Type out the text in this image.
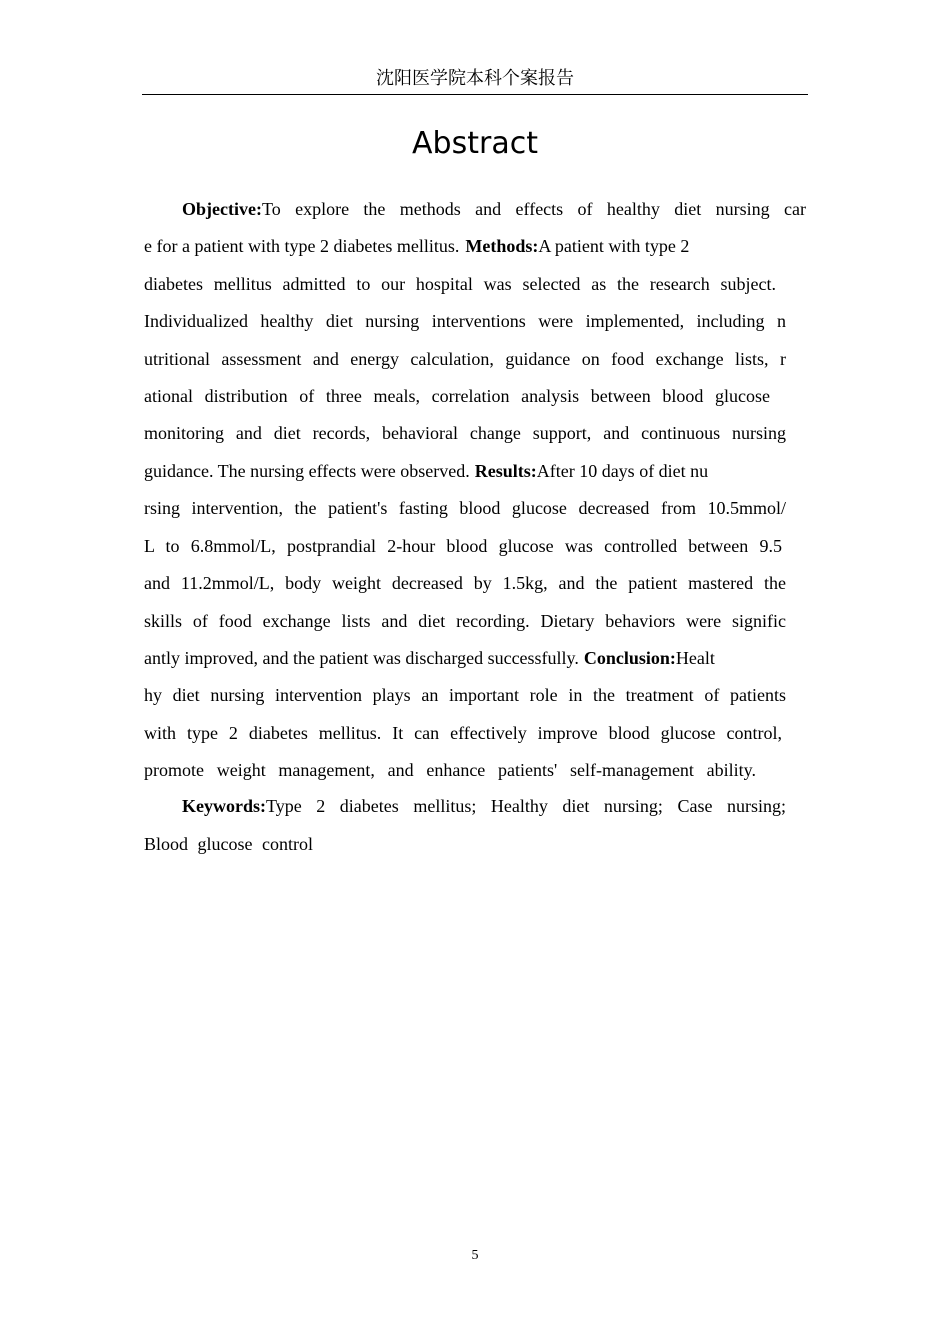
沈阳医学院本科个案报告
Abstract
Objective: To explore the methods and effects of healthy diet nursing car
e for a patient with type 2 diabetes mellitus. Methods: A patient with type 2
diabetes mellitus admitted to our hospital was selected as the research subject.
Individualized healthy diet nursing interventions were implemented, including n
utritional assessment and energy calculation, guidance on food exchange lists, r
ational distribution of three meals, correlation analysis between blood glucose
monitoring and diet records, behavioral change support, and continuous nursing
guidance. The nursing effects were observed. Results: After 10 days of diet nu
rsing intervention, the patient's fasting blood glucose decreased from 10.5mmol/
L to 6.8mmol/L, postprandial 2-hour blood glucose was controlled between 9.5
and 11.2mmol/L, body weight decreased by 1.5kg, and the patient mastered the
skills of food exchange lists and diet recording. Dietary behaviors were signific
antly improved, and the patient was discharged successfully. Conclusion: Healt
hy diet nursing intervention plays an important role in the treatment of patients
with type 2 diabetes mellitus. It can effectively improve blood glucose control,
promote weight management, and enhance patients' self-management ability.
Keywords: Type 2 diabetes mellitus; Healthy diet nursing; Case nursing;
Blood glucose control
5
